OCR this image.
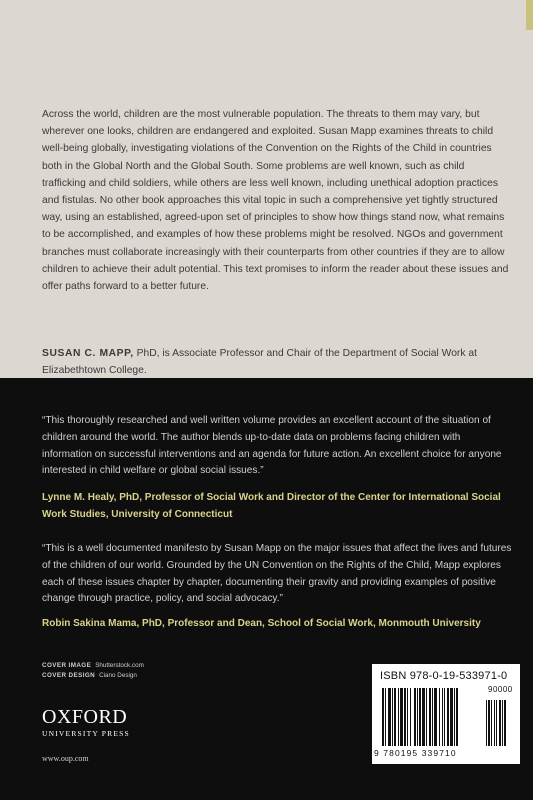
Across the world, children are the most vulnerable population. The threats to them may vary, but wherever one looks, children are endangered and exploited. Susan Mapp examines threats to child well-being globally, investigating violations of the Convention on the Rights of the Child in countries both in the Global North and the Global South. Some problems are well known, such as child trafficking and child soldiers, while others are less well known, including unethical adoption practices and fistulas. No other book approaches this vital topic in such a comprehensive yet tightly structured way, using an established, agreed-upon set of principles to show how things stand now, what remains to be accomplished, and examples of how these problems might be resolved. NGOs and government branches must collaborate increasingly with their counterparts from other countries if they are to allow children to achieve their adult potential. This text promises to inform the reader about these issues and offer paths forward to a better future.

SUSAN C. MAPP, PhD, is Associate Professor and Chair of the Department of Social Work at Elizabethtown College.

“This thoroughly researched and well written volume provides an excellent account of the situation of children around the world. The author blends up-to-date data on problems facing children with information on successful interventions and an agenda for future action. An excellent choice for anyone interested in child welfare or global social issues.”

Lynne M. Healy, PhD, Professor of Social Work and Director of the Center for International Social Work Studies, University of Connecticut

“This is a well documented manifesto by Susan Mapp on the major issues that affect the lives and futures of the children of our world. Grounded by the UN Convention on the Rights of the Child, Mapp explores each of these issues chapter by chapter, documenting their gravity and providing examples of positive change through practice, policy, and social advocacy.”

Robin Sakina Mama, PhD, Professor and Dean, School of Social Work, Monmouth University

COVER IMAGE Shutterstock.com
COVER DESIGN Ciano Design
OXFORD
UNIVERSITY PRESS
www.oup.com
ISBN 978-0-19-533971-0
90000
9 780195 339710
